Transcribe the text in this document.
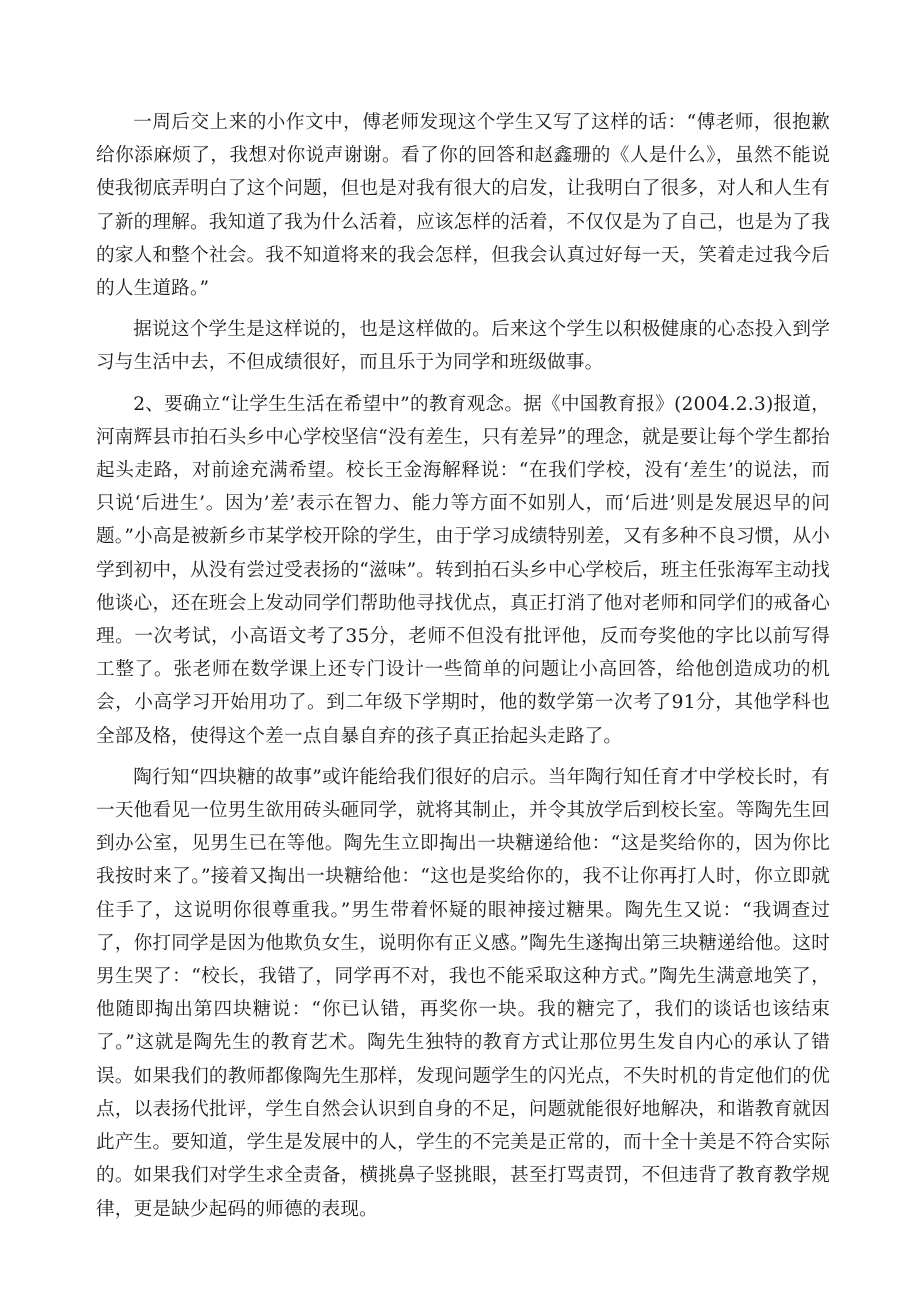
一周后交上来的小作文中，傅老师发现这个学生又写了这样的话：“傅老师，很抱歉给你添麻烦了，我想对你说声谢谢。看了你的回答和赵鑫珊的《人是什么》，虽然不能说使我彻底弄明白了这个问题，但也是对我有很大的启发，让我明白了很多，对人和人生有了新的理解。我知道了我为什么活着，应该怎样的活着，不仅仅是为了自己，也是为了我的家人和整个社会。我不知道将来的我会怎样，但我会认真过好每一天，笑着走过我今后的人生道路。”

据说这个学生是这样说的，也是这样做的。后来这个学生以积极健康的心态投入到学习与生活中去，不但成绩很好，而且乐于为同学和班级做事。

2、要确立“让学生生活在希望中”的教育观念。据《中国教育报》(2004.2.3)报道，河南辉县市拍石头乡中心学校坚信“没有差生，只有差异”的理念，就是要让每个学生都抬起头走路，对前途充满希望。校长王金海解释说：“在我们学校，没有‘差生’的说法，而只说‘后进生’。因为’差’表示在智力、能力等方面不如别人，而‘后进’则是发展迟早的问题。”小高是被新乡市某学校开除的学生，由于学习成绩特别差，又有多种不良习惯，从小学到初中，从没有尝过受表扬的“滋味”。转到拍石头乡中心学校后，班主任张海军主动找他谈心，还在班会上发动同学们帮助他寻找优点，真正打消了他对老师和同学们的戒备心理。一次考试，小高语文考了35分，老师不但没有批评他，反而夸奖他的字比以前写得工整了。张老师在数学课上还专门设计一些简单的问题让小高回答，给他创造成功的机会，小高学习开始用功了。到二年级下学期时，他的数学第一次考了91分，其他学科也全部及格，使得这个差一点自暴自弃的孩子真正抬起头走路了。

陶行知“四块糖的故事”或许能给我们很好的启示。当年陶行知任育才中学校长时，有一天他看见一位男生欲用砖头砸同学，就将其制止，并令其放学后到校长室。等陶先生回到办公室，见男生已在等他。陶先生立即掏出一块糖递给他：“这是奖给你的，因为你比我按时来了。”接着又掏出一块糖给他：“这也是奖给你的，我不让你再打人时，你立即就住手了，这说明你很尊重我。”男生带着怀疑的眼神接过糖果。陶先生又说：“我调查过了，你打同学是因为他欺负女生，说明你有正义感。”陶先生遂掏出第三块糖递给他。这时男生哭了：“校长，我错了，同学再不对，我也不能采取这种方式。”陶先生满意地笑了，他随即掏出第四块糖说：“你已认错，再奖你一块。我的糖完了，我们的谈话也该结束了。”这就是陶先生的教育艺术。陶先生独特的教育方式让那位男生发自内心的承认了错误。如果我们的教师都像陶先生那样，发现问题学生的闪光点，不失时机的肯定他们的优点，以表扬代批评，学生自然会认识到自身的不足，问题就能很好地解决，和谐教育就因此产生。要知道，学生是发展中的人，学生的不完美是正常的，而十全十美是不符合实际的。如果我们对学生求全责备，横挑鼻子竖挑眼，甚至打骂责罚，不但违背了教育教学规律，更是缺少起码的师德的表现。
